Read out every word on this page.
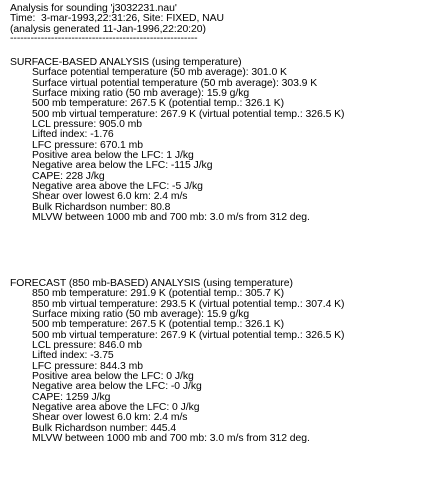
Analysis for sounding 'j3032231.nau'
Time:  3-mar-1993,22:31:26, Site: FIXED, NAU
(analysis generated 11-Jan-1996,22:20:20)
-------------------------------------------------------
SURFACE-BASED ANALYSIS (using temperature)
Surface potential temperature (50 mb average): 301.0 K
Surface virtual potential temperature (50 mb average): 303.9 K
Surface mixing ratio (50 mb average): 15.9 g/kg
500 mb temperature: 267.5 K (potential temp.: 326.1 K)
500 mb virtual temperature: 267.9 K (virtual potential temp.: 326.5 K)
LCL pressure: 905.0 mb
Lifted index: -1.76
LFC pressure: 670.1 mb
Positive area below the LFC: 1 J/kg
Negative area below the LFC: -115 J/kg
CAPE: 228 J/kg
Negative area above the LFC: -5 J/kg
Shear over lowest 6.0 km: 2.4 m/s
Bulk Richardson number: 80.8
MLVW between 1000 mb and 700 mb: 3.0 m/s from 312 deg.
FORECAST (850 mb-BASED) ANALYSIS (using temperature)
850 mb temperature: 291.9 K (potential temp.: 305.7 K)
850 mb virtual temperature: 293.5 K (virtual potential temp.: 307.4 K)
Surface mixing ratio (50 mb average): 15.9 g/kg
500 mb temperature: 267.5 K (potential temp.: 326.1 K)
500 mb virtual temperature: 267.9 K (virtual potential temp.: 326.5 K)
LCL pressure: 846.0 mb
Lifted index: -3.75
LFC pressure: 844.3 mb
Positive area below the LFC: 0 J/kg
Negative area below the LFC: -0 J/kg
CAPE: 1259 J/kg
Negative area above the LFC: 0 J/kg
Shear over lowest 6.0 km: 2.4 m/s
Bulk Richardson number: 445.4
MLVW between 1000 mb and 700 mb: 3.0 m/s from 312 deg.
